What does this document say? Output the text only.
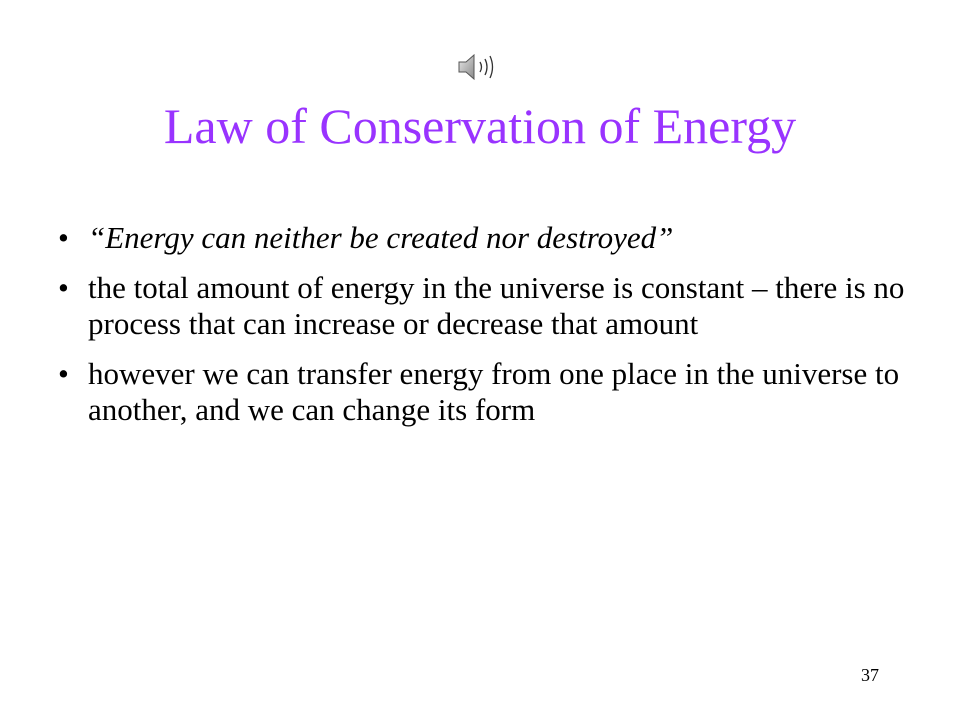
Law of Conservation of Energy
• “Energy can neither be created nor destroyed”
• the total amount of energy in the universe is constant – there is no process that can increase or decrease that amount
• however we can transfer energy from one place in the universe to another, and we can change its form
37
